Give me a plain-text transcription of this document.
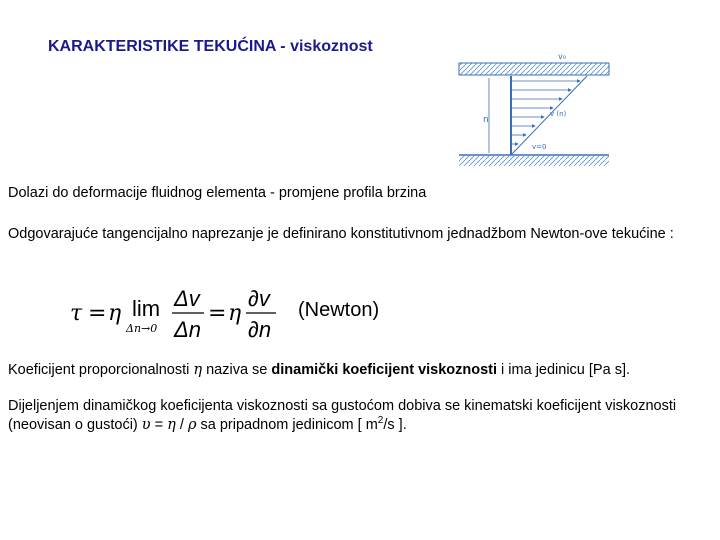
KARAKTERISTIKE TEKUĆINA - viskoznost
v₀
n
v (n)
v=0
Dolazi do deformacije fluidnog elementa - promjene profila brzina
Odgovarajuće tangencijalno naprezanje je definirano konstitutivnom jednadžbom Newton-ove tekućine :
τ = η lim
Δn→0
Δv
Δn
= η
∂v
∂n
(Newton)
Koeficijent proporcionalnosti η naziva se dinamički koeficijent viskoznosti i ima jedinicu [Pa s].
Dijeljenjem dinamičkog koeficijenta viskoznosti sa gustoćom dobiva se kinematski koeficijent viskoznosti (neovisan o gustoći) υ = η / ρ sa pripadnom jedinicom [ $m^2/s$ ].
